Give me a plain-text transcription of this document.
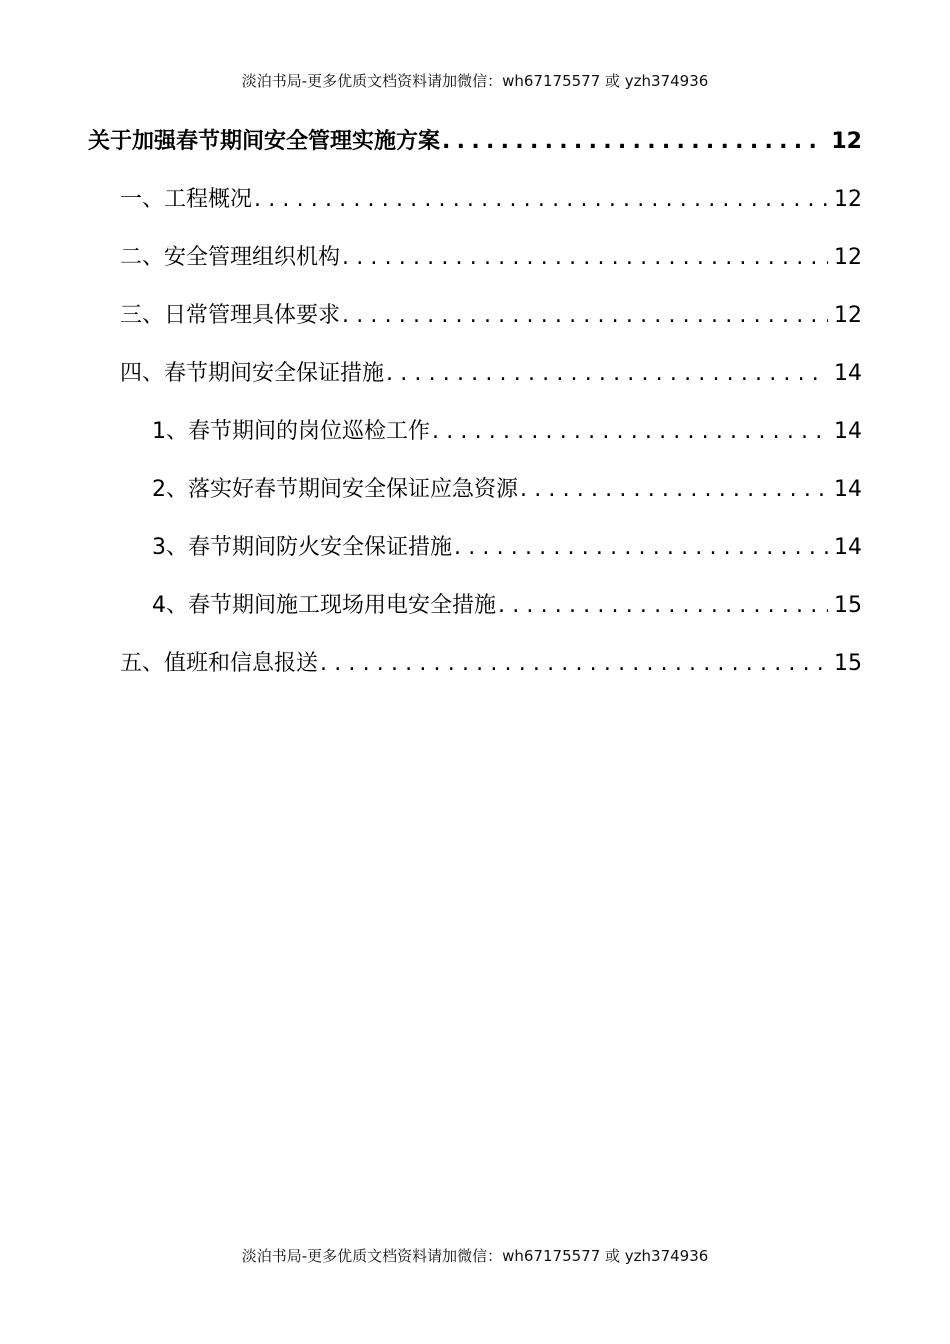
淡泊书局-更多优质文档资料请加微信：wh67175577 或 yzh374936
关于加强春节期间安全管理实施方案 .....	12
一、工程概况 .....	12
二、安全管理组织机构 .....	12
三、日常管理具体要求 .....	12
四、春节期间安全保证措施 .....	14
1、春节期间的岗位巡检工作 .....	14
2、落实好春节期间安全保证应急资源 .....	14
3、春节期间防火安全保证措施 .....	14
4、春节期间施工现场用电安全措施 .....	15
五、值班和信息报送 .....	15
淡泊书局-更多优质文档资料请加微信：wh67175577 或 yzh374936
